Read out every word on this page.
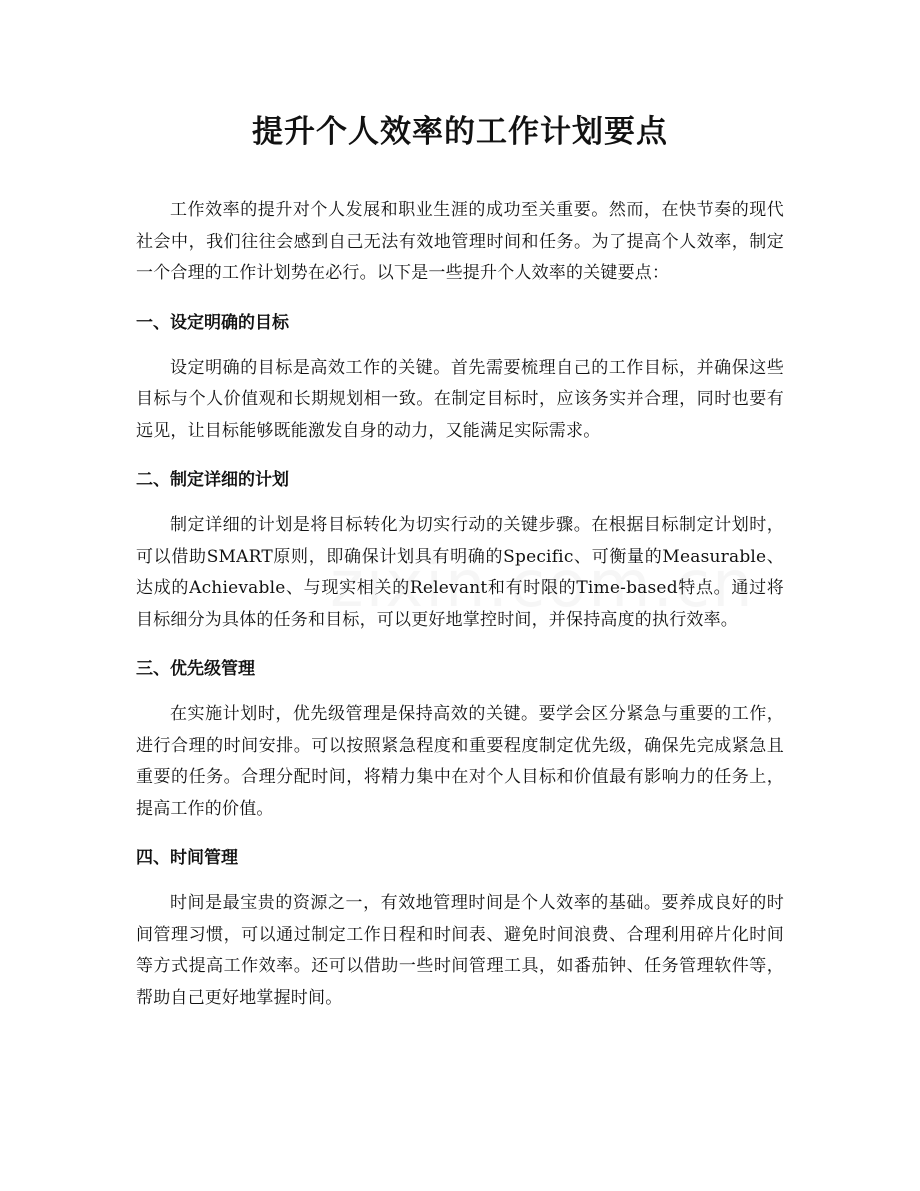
提升个人效率的工作计划要点

工作效率的提升对个人发展和职业生涯的成功至关重要。然而，在快节奏的现代社会中，我们往往会感到自己无法有效地管理时间和任务。为了提高个人效率，制定一个合理的工作计划势在必行。以下是一些提升个人效率的关键要点：

一、设定明确的目标

设定明确的目标是高效工作的关键。首先需要梳理自己的工作目标，并确保这些目标与个人价值观和长期规划相一致。在制定目标时，应该务实并合理，同时也要有远见，让目标能够既能激发自身的动力，又能满足实际需求。

二、制定详细的计划

制定详细的计划是将目标转化为切实行动的关键步骤。在根据目标制定计划时，可以借助SMART原则，即确保计划具有明确的Specific、可衡量的Measurable、达成的Achievable、与现实相关的Relevant和有时限的Time-based特点。通过将目标细分为具体的任务和目标，可以更好地掌控时间，并保持高度的执行效率。

三、优先级管理

在实施计划时，优先级管理是保持高效的关键。要学会区分紧急与重要的工作，进行合理的时间安排。可以按照紧急程度和重要程度制定优先级，确保先完成紧急且重要的任务。合理分配时间，将精力集中在对个人目标和价值最有影响力的任务上，提高工作的价值。

四、时间管理

时间是最宝贵的资源之一，有效地管理时间是个人效率的基础。要养成良好的时间管理习惯，可以通过制定工作日程和时间表、避免时间浪费、合理利用碎片化时间等方式提高工作效率。还可以借助一些时间管理工具，如番茄钟、任务管理软件等，帮助自己更好地掌握时间。
